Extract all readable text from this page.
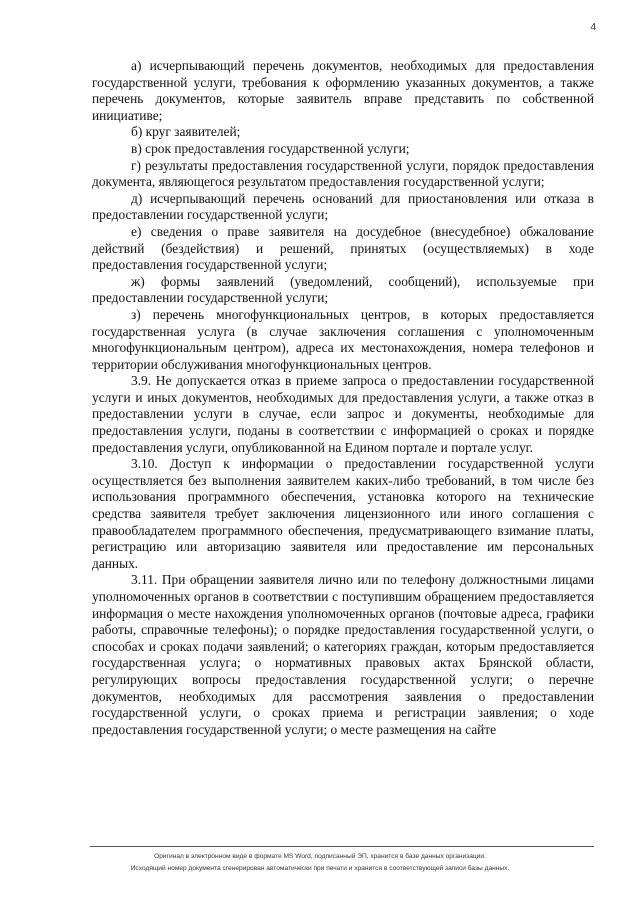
4

а) исчерпывающий перечень документов, необходимых для предоставления государственной услуги, требования к оформлению указанных документов, а также перечень документов, которые заявитель вправе представить по собственной инициативе;

б) круг заявителей;

в) срок предоставления государственной услуги;

г) результаты предоставления государственной услуги, порядок предоставления документа, являющегося результатом предоставления государственной услуги;

д) исчерпывающий перечень оснований для приостановления или отказа в предоставлении государственной услуги;

е) сведения о праве заявителя на досудебное (внесудебное) обжалование действий (бездействия) и решений, принятых (осуществляемых) в ходе предоставления государственной услуги;

ж) формы заявлений (уведомлений, сообщений), используемые при предоставлении государственной услуги;

з) перечень многофункциональных центров, в которых предоставляется государственная услуга (в случае заключения соглашения с уполномоченным многофункциональным центром), адреса их местонахождения, номера телефонов и территории обслуживания многофункциональных центров.

3.9. Не допускается отказ в приеме запроса о предоставлении государственной услуги и иных документов, необходимых для предоставления услуги, а также отказ в предоставлении услуги в случае, если запрос и документы, необходимые для предоставления услуги, поданы в соответствии с информацией о сроках и порядке предоставления услуги, опубликованной на Едином портале и портале услуг.

3.10. Доступ к информации о предоставлении государственной услуги осуществляется без выполнения заявителем каких-либо требований, в том числе без использования программного обеспечения, установка которого на технические средства заявителя требует заключения лицензионного или иного соглашения с правообладателем программного обеспечения, предусматривающего взимание платы, регистрацию или авторизацию заявителя или предоставление им персональных данных.

3.11. При обращении заявителя лично или по телефону должностными лицами уполномоченных органов в соответствии с поступившим обращением предоставляется информация о месте нахождения уполномоченных органов (почтовые адреса, графики работы, справочные телефоны); о порядке предоставления государственной услуги, о способах и сроках подачи заявлений; о категориях граждан, которым предоставляется государственная услуга; о нормативных правовых актах Брянской области, регулирующих вопросы предоставления государственной услуги; о перечне документов, необходимых для рассмотрения заявления о предоставлении государственной услуги, о сроках приема и регистрации заявления; о ходе предоставления государственной услуги; о месте размещения на сайте

Оригинал в электронном виде в формате MS Word, подписанный ЭП, хранится в базе данных организации.
Исходящий номер документа сгенерирован автоматически при печати и хранится в соответствующей записи базы данных.
